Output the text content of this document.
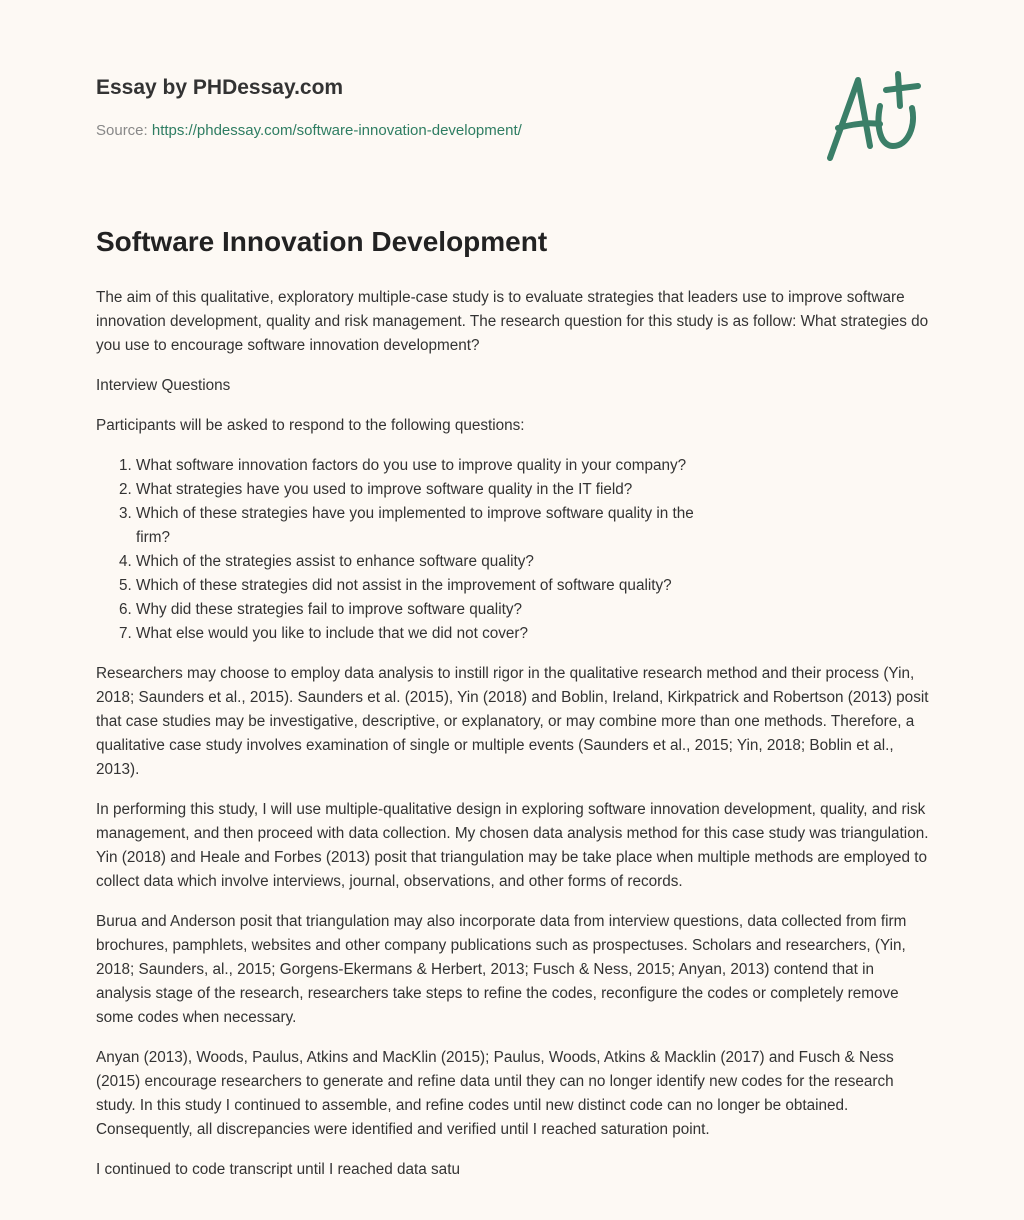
Essay by PHDessay.com
Source: https://phdessay.com/software-innovation-development/
Software Innovation Development

The aim of this qualitative, exploratory multiple-case study is to evaluate strategies that leaders use to improve software innovation development, quality and risk management. The research question for this study is as follow: What strategies do you use to encourage software innovation development?

Interview Questions

Participants will be asked to respond to the following questions:

1. What software innovation factors do you use to improve quality in your company?
2. What strategies have you used to improve software quality in the IT field?
3. Which of these strategies have you implemented to improve software quality in the firm?
4. Which of the strategies assist to enhance software quality?
5. Which of these strategies did not assist in the improvement of software quality?
6. Why did these strategies fail to improve software quality?
7. What else would you like to include that we did not cover?

Researchers may choose to employ data analysis to instill rigor in the qualitative research method and their process (Yin, 2018; Saunders et al., 2015). Saunders et al. (2015), Yin (2018) and Boblin, Ireland, Kirkpatrick and Robertson (2013) posit that case studies may be investigative, descriptive, or explanatory, or may combine more than one methods. Therefore, a qualitative case study involves examination of single or multiple events (Saunders et al., 2015; Yin, 2018; Boblin et al., 2013).

In performing this study, I will use multiple-qualitative design in exploring software innovation development, quality, and risk management, and then proceed with data collection. My chosen data analysis method for this case study was triangulation. Yin (2018) and Heale and Forbes (2013) posit that triangulation may be take place when multiple methods are employed to collect data which involve interviews, journal, observations, and other forms of records.

Burua and Anderson posit that triangulation may also incorporate data from interview questions, data collected from firm brochures, pamphlets, websites and other company publications such as prospectuses. Scholars and researchers, (Yin, 2018; Saunders, al., 2015; Gorgens-Ekermans & Herbert, 2013; Fusch & Ness, 2015; Anyan, 2013) contend that in analysis stage of the research, researchers take steps to refine the codes, reconfigure the codes or completely remove some codes when necessary.

Anyan (2013), Woods, Paulus, Atkins and MacKlin (2015); Paulus, Woods, Atkins & Macklin (2017) and Fusch & Ness (2015) encourage researchers to generate and refine data until they can no longer identify new codes for the research study. In this study I continued to assemble, and refine codes until new distinct code can no longer be obtained. Consequently, all discrepancies were identified and verified until I reached saturation point.

I continued to code transcript until I reached data satu
